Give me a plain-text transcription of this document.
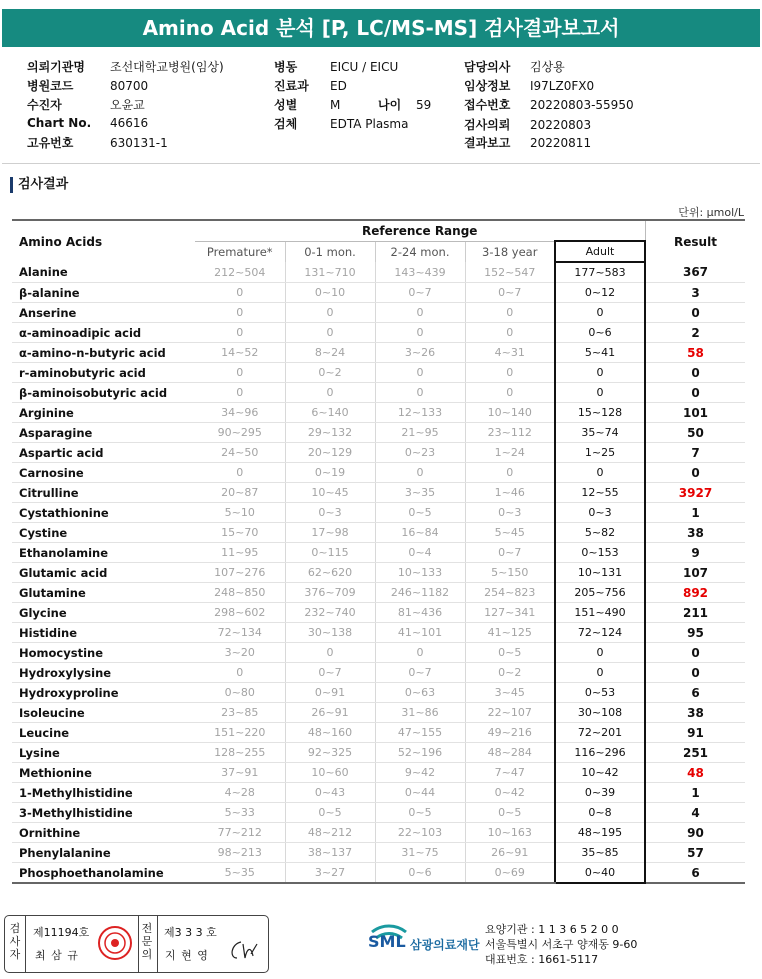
Amino Acid 분석 [P, LC/MS-MS] 검사결과보고서
의뢰기관명 조선대학교병원(임상)
병원코드	80700
수진자	오윤교
Chart No. 46616
고유번호	630131-1
병동	EICU / EICU
진료과 ED
성별	M	나이 59
검체	EDTA Plasma
담당의사 김상용
임상정보 I97LZ0FX0
접수번호 20220803-55950
검사의뢰 20220803
결과보고 20220811
검사결과
단위: μmol/L
Amino Acids	Reference Range					Result
	Premature*	0-1 mon.	2-24 mon.	3-18 year	Adult	
Alanine	212~504	131~710	143~439	152~547	177~583	367
β-alanine	0	0~10	0~7	0~7	0~12	3
Anserine	0	0	0	0	0	0
α-aminoadipic acid	0	0	0	0	0~6	2
α-amino-n-butyric acid	14~52	8~24	3~26	4~31	5~41	58
r-aminobutyric acid	0	0~2	0	0	0	0
β-aminoisobutyric acid	0	0	0	0	0	0
Arginine	34~96	6~140	12~133	10~140	15~128	101
Asparagine	90~295	29~132	21~95	23~112	35~74	50
Aspartic acid	24~50	20~129	0~23	1~24	1~25	7
Carnosine	0	0~19	0	0	0	0
Citrulline	20~87	10~45	3~35	1~46	12~55	3927
Cystathionine	5~10	0~3	0~5	0~3	0~3	1
Cystine	15~70	17~98	16~84	5~45	5~82	38
Ethanolamine	11~95	0~115	0~4	0~7	0~153	9
Glutamic acid	107~276	62~620	10~133	5~150	10~131	107
Glutamine	248~850	376~709	246~1182	254~823	205~756	892
Glycine	298~602	232~740	81~436	127~341	151~490	211
Histidine	72~134	30~138	41~101	41~125	72~124	95
Homocystine	3~20	0	0	0~5	0	0
Hydroxylysine	0	0~7	0~7	0~2	0	0
Hydroxyproline	0~80	0~91	0~63	3~45	0~53	6
Isoleucine	23~85	26~91	31~86	22~107	30~108	38
Leucine	151~220	48~160	47~155	49~216	72~201	91
Lysine	128~255	92~325	52~196	48~284	116~296	251
Methionine	37~91	10~60	9~42	7~47	10~42	48
1-Methylhistidine	4~28	0~43	0~44	0~42	0~39	1
3-Methylhistidine	5~33	0~5	0~5	0~5	0~8	4
Ornithine	77~212	48~212	22~103	10~163	48~195	90
Phenylalanine	98~213	38~137	31~75	26~91	35~85	57
Phosphoethanolamine	5~35	3~27	0~6	0~69	0~40	6
검사자
제11194호
최 삼 규
전문의
제3 3 3 호
지 현 영
SML 삼광의료재단
요양기관 : 1 1 3 6 5 2 0 0
서울특별시 서초구 양재동 9-60
대표번호 : 1661-5117
